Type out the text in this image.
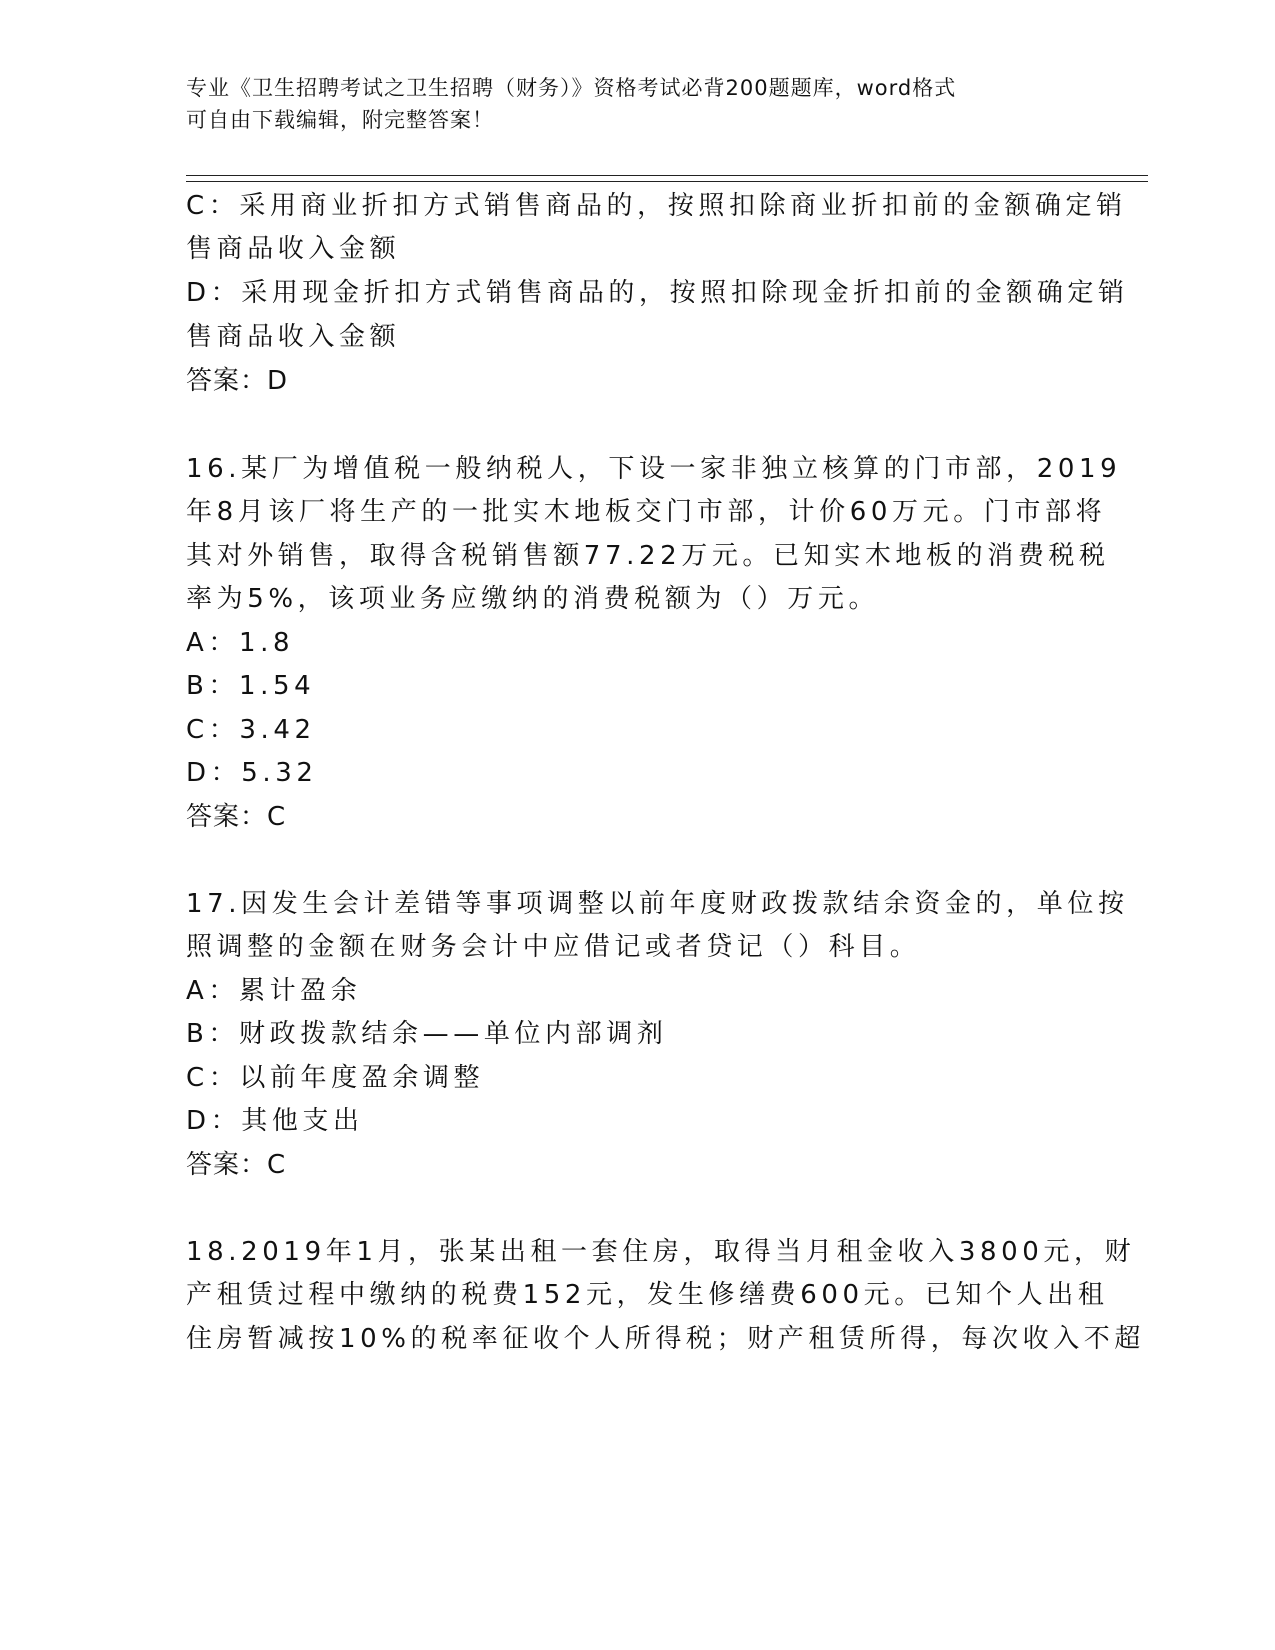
专业《卫生招聘考试之卫生招聘（财务）》资格考试必背200题题库，word格式
可自由下载编辑，附完整答案！
C：采用商业折扣方式销售商品的，按照扣除商业折扣前的金额确定销
售商品收入金额
D：采用现金折扣方式销售商品的，按照扣除现金折扣前的金额确定销
售商品收入金额
答案：D
16.某厂为增值税一般纳税人，下设一家非独立核算的门市部，2019
年8月该厂将生产的一批实木地板交门市部，计价60万元。门市部将
其对外销售，取得含税销售额77.22万元。已知实木地板的消费税税
率为5%，该项业务应缴纳的消费税额为（）万元。
A：1.8
B：1.54
C：3.42
D：5.32
答案：C
17.因发生会计差错等事项调整以前年度财政拨款结余资金的，单位按
照调整的金额在财务会计中应借记或者贷记（）科目。
A：累计盈余
B：财政拨款结余——单位内部调剂
C：以前年度盈余调整
D：其他支出
答案：C
18.2019年1月，张某出租一套住房，取得当月租金收入3800元，财
产租赁过程中缴纳的税费152元，发生修缮费600元。已知个人出租
住房暂减按10%的税率征收个人所得税；财产租赁所得，每次收入不超
